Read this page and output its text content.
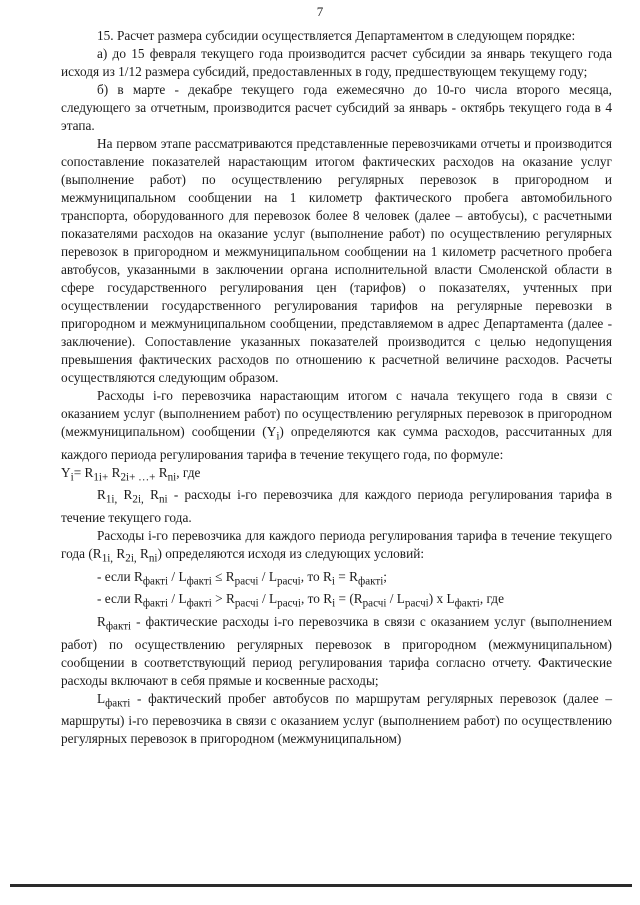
7

15. Расчет размера субсидии осуществляется Департаментом в следующем порядке:

а) до 15 февраля текущего года производится расчет субсидии за январь текущего года исходя из 1/12 размера субсидий, предоставленных в году, предшествующем текущему году;

б) в марте - декабре текущего года ежемесячно до 10-го числа второго месяца, следующего за отчетным, производится расчет субсидий за январь - октябрь текущего года в 4 этапа.

На первом этапе рассматриваются представленные перевозчиками отчеты и производится сопоставление показателей нарастающим итогом фактических расходов на оказание услуг (выполнение работ) по осуществлению регулярных перевозок в пригородном и межмуниципальном сообщении на 1 километр фактического пробега автомобильного транспорта, оборудованного для перевозок более 8 человек (далее – автобусы), с расчетными показателями расходов на оказание услуг (выполнение работ) по осуществлению регулярных перевозок в пригородном и межмуниципальном сообщении на 1 километр расчетного пробега автобусов, указанными в заключении органа исполнительной власти Смоленской области в сфере государственного регулирования цен (тарифов) о показателях, учтенных при осуществлении государственного регулирования тарифов на регулярные перевозки в пригородном и межмуниципальном сообщении, представляемом в адрес Департамента (далее - заключение). Сопоставление указанных показателей производится с целью недопущения превышения фактических расходов по отношению к расчетной величине расходов. Расчеты осуществляются следующим образом.

Расходы i-го перевозчика нарастающим итогом с начала текущего года в связи с оказанием услуг (выполнением работ) по осуществлению регулярных перевозок в пригородном (межмуниципальном) сообщении $(Y_i)$ определяются как сумма расходов, рассчитанных для каждого периода регулирования тарифа в течение текущего года, по формуле:

$Y_i= R_{1i+}$ $R_{2i+ \dots+}$ $R_{ni}$, где

$R_{1i,}$ $R_{2i,}$ $R_{ni}$ - расходы i-го перевозчика для каждого периода регулирования тарифа в течение текущего года.

Расходы i-го перевозчика для каждого периода регулирования тарифа в течение текущего года ($R_{1i,}$ $R_{2i,}$ $R_{ni}$) определяются исходя из следующих условий:

- если $R_{фактi} / L_{фактi} \le R_{расчi} / L_{расчi}$, то $R_i = R_{фактi}$;

- если $R_{фактi} / L_{фактi} > R_{расчi} / L_{расчi}$, то $R_i = (R_{расчi} / L_{расчi})$ x $L_{фактi}$, где

$R_{фактi}$ - фактические расходы i-го перевозчика в связи с оказанием услуг (выполнением работ) по осуществлению регулярных перевозок в пригородном (межмуниципальном) сообщении в соответствующий период регулирования тарифа согласно отчету. Фактические расходы включают в себя прямые и косвенные расходы;

$L_{фактi}$ - фактический пробег автобусов по маршрутам регулярных перевозок (далее – маршруты) i-го перевозчика в связи с оказанием услуг (выполнением работ) по осуществлению регулярных перевозок в пригородном (межмуниципальном)
